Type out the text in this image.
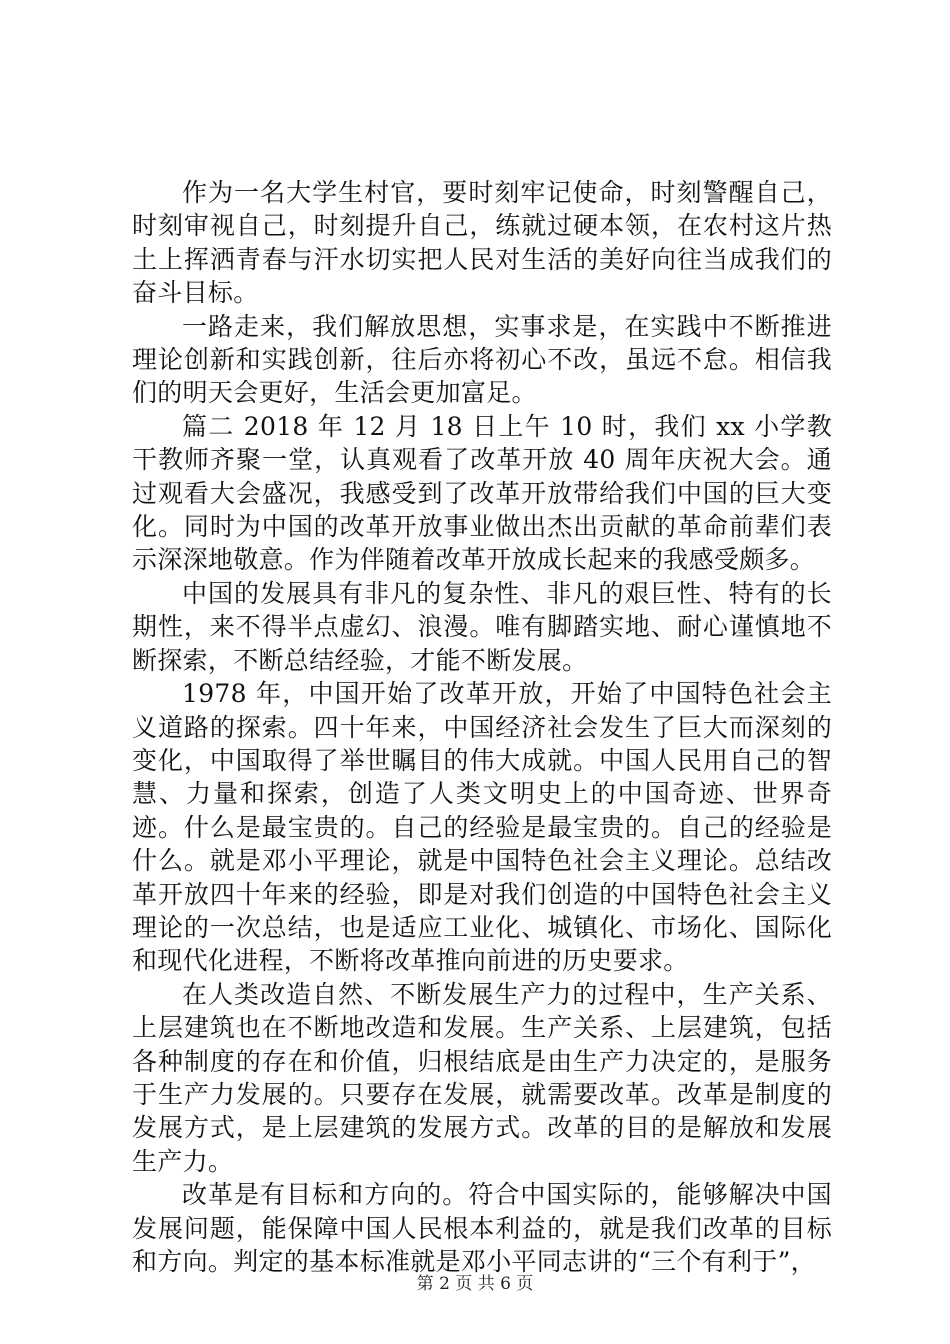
作为一名大学生村官，要时刻牢记使命，时刻警醒自己，时刻审视自己，时刻提升自己，练就过硬本领，在农村这片热土上挥洒青春与汗水切实把人民对生活的美好向往当成我们的奋斗目标。

一路走来，我们解放思想，实事求是，在实践中不断推进理论创新和实践创新，往后亦将初心不改，虽远不怠。相信我们的明天会更好，生活会更加富足。

篇二 2018 年 12 月 18 日上午 10 时，我们 xx 小学教干教师齐聚一堂，认真观看了改革开放 40 周年庆祝大会。通过观看大会盛况，我感受到了改革开放带给我们中国的巨大变化。同时为中国的改革开放事业做出杰出贡献的革命前辈们表示深深地敬意。作为伴随着改革开放成长起来的我感受颇多。

中国的发展具有非凡的复杂性、非凡的艰巨性、特有的长期性，来不得半点虚幻、浪漫。唯有脚踏实地、耐心谨慎地不断探索，不断总结经验，才能不断发展。

1978 年，中国开始了改革开放，开始了中国特色社会主义道路的探索。四十年来，中国经济社会发生了巨大而深刻的变化，中国取得了举世瞩目的伟大成就。中国人民用自己的智慧、力量和探索，创造了人类文明史上的中国奇迹、世界奇迹。什么是最宝贵的。自己的经验是最宝贵的。自己的经验是什么。就是邓小平理论，就是中国特色社会主义理论。总结改革开放四十年来的经验，即是对我们创造的中国特色社会主义理论的一次总结，也是适应工业化、城镇化、市场化、国际化和现代化进程，不断将改革推向前进的历史要求。

在人类改造自然、不断发展生产力的过程中，生产关系、上层建筑也在不断地改造和发展。生产关系、上层建筑，包括各种制度的存在和价值，归根结底是由生产力决定的，是服务于生产力发展的。只要存在发展，就需要改革。改革是制度的发展方式，是上层建筑的发展方式。改革的目的是解放和发展生产力。

改革是有目标和方向的。符合中国实际的，能够解决中国发展问题，能保障中国人民根本利益的，就是我们改革的目标和方向。判定的基本标准就是邓小平同志讲的“三个有利于”，

第 2 页 共 6 页
